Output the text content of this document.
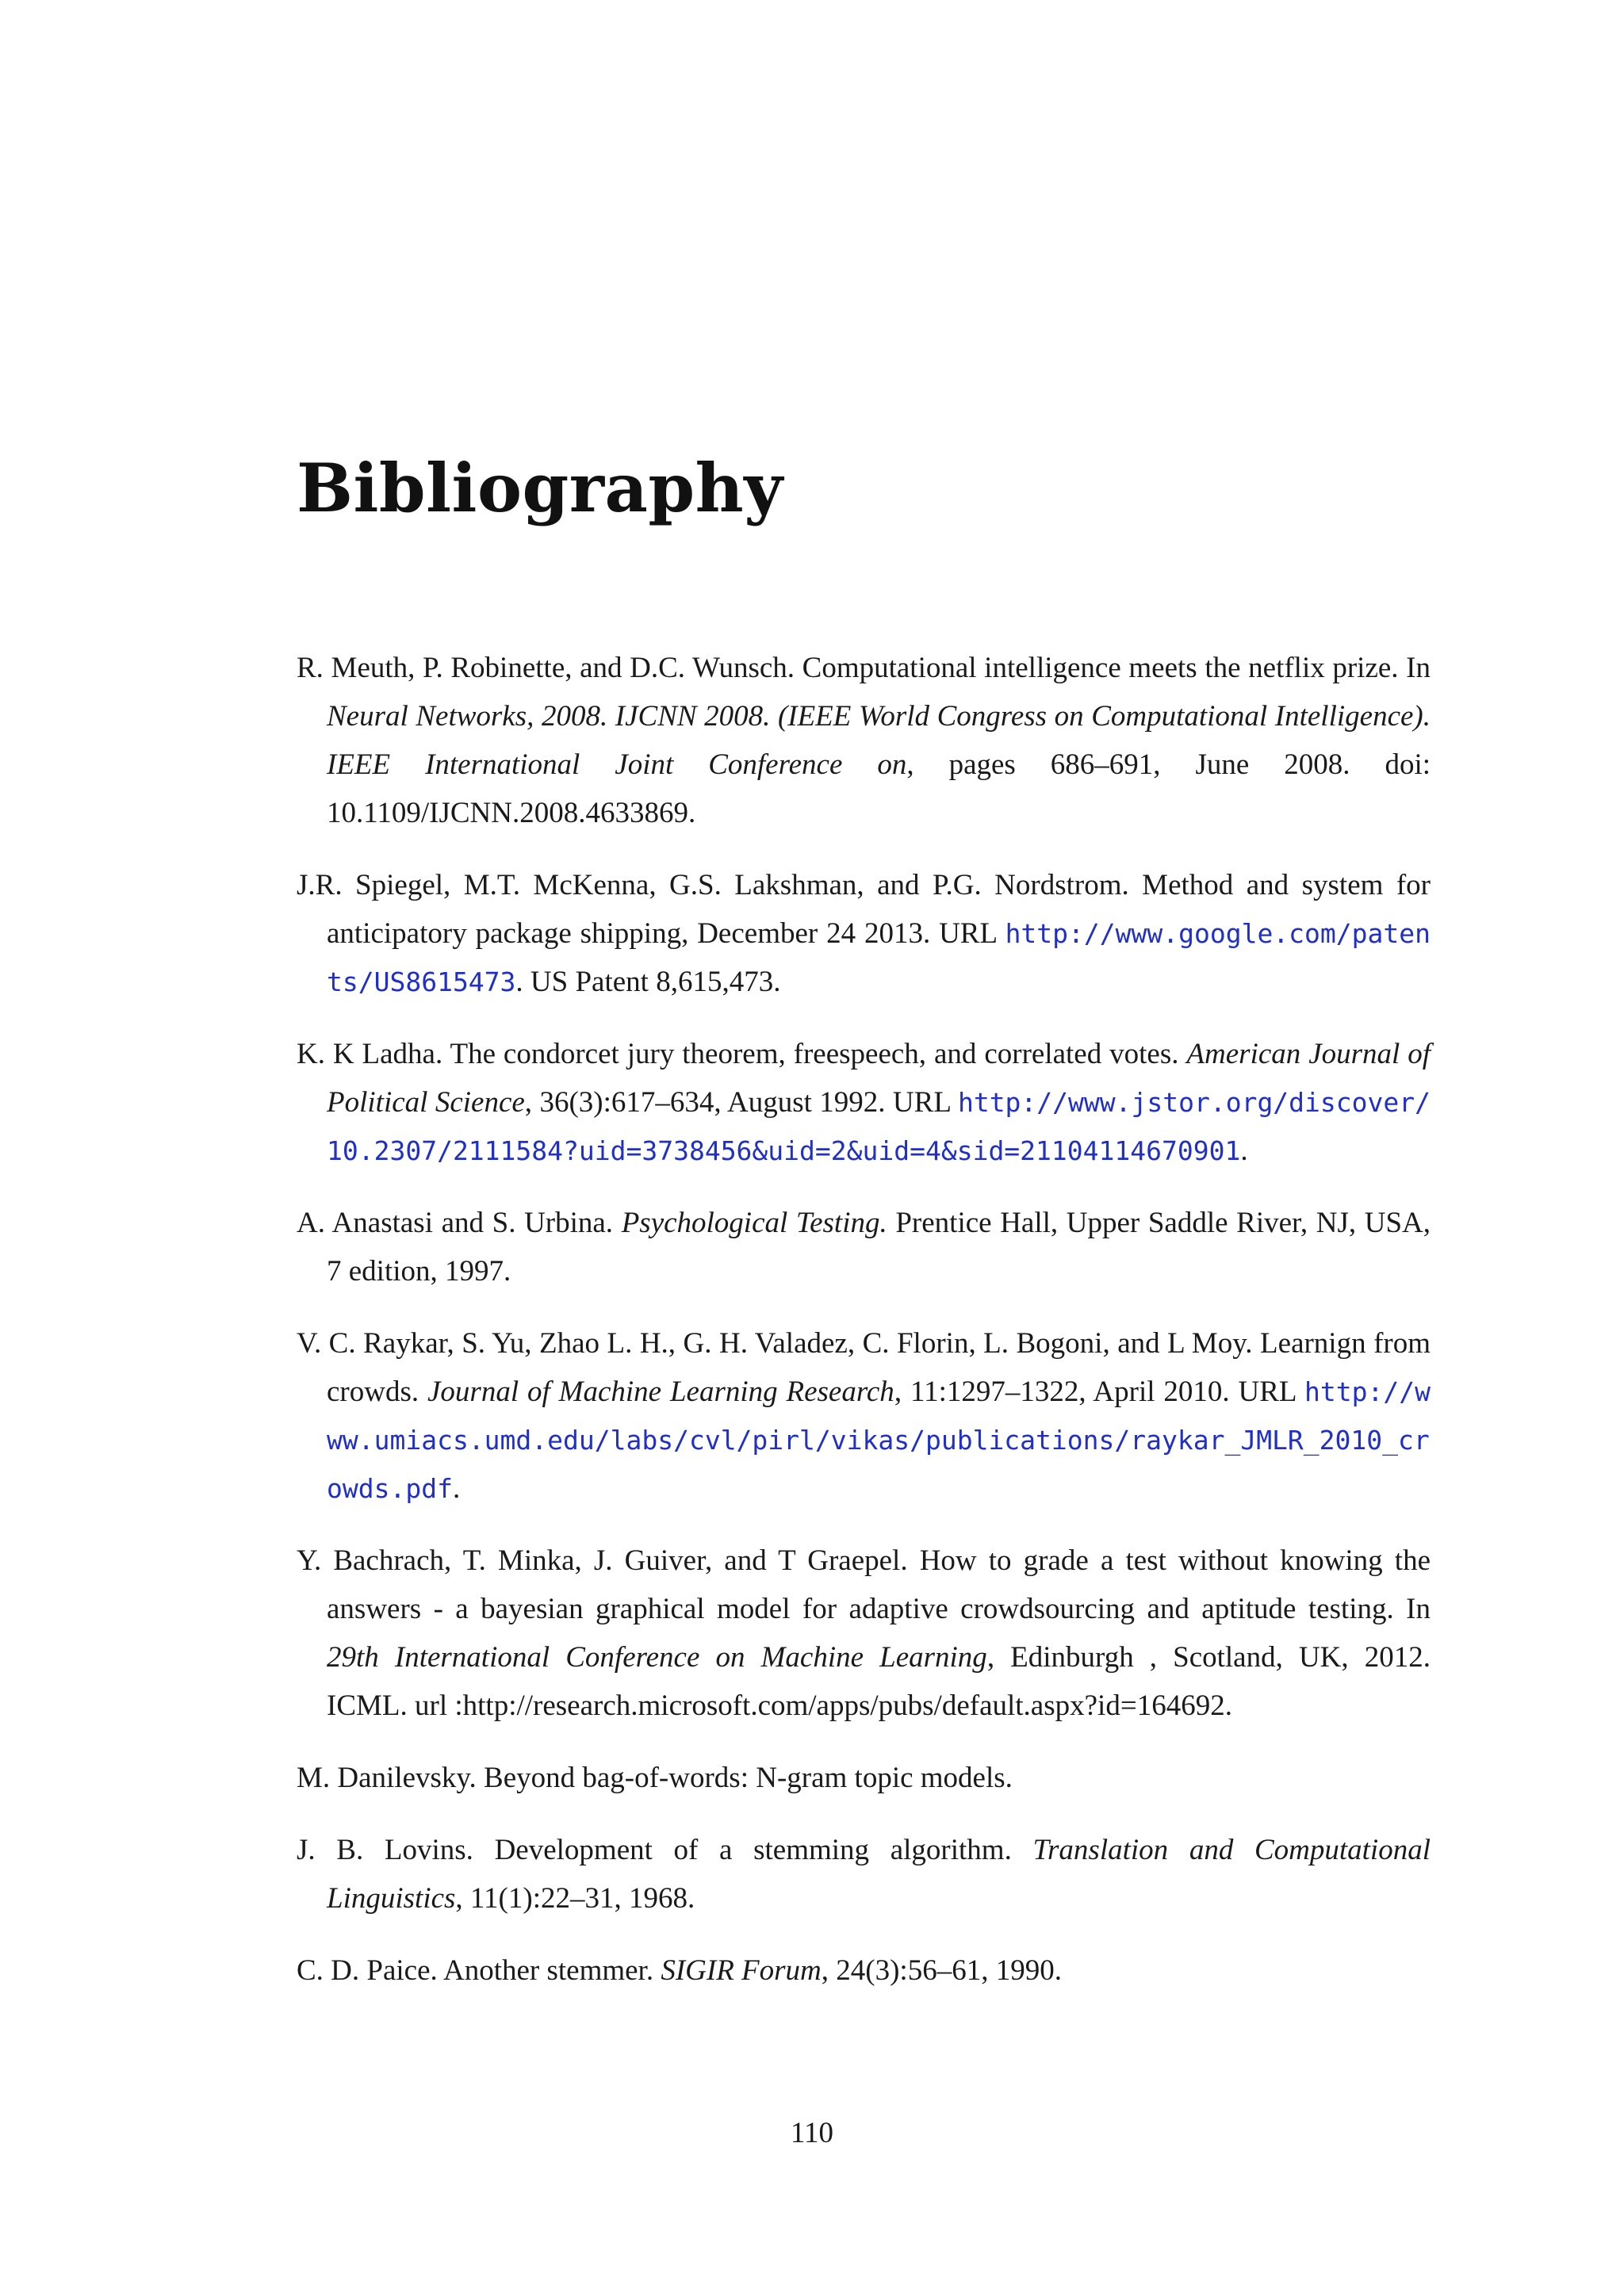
Bibliography
R. Meuth, P. Robinette, and D.C. Wunsch. Computational intelligence meets the netflix prize. In Neural Networks, 2008. IJCNN 2008. (IEEE World Congress on Computational Intelligence). IEEE International Joint Conference on, pages 686–691, June 2008. doi: 10.1109/IJCNN.2008.4633869.
J.R. Spiegel, M.T. McKenna, G.S. Lakshman, and P.G. Nordstrom. Method and system for anticipatory package shipping, December 24 2013. URL http://www.google.com/patents/US8615473. US Patent 8,615,473.
K. K Ladha. The condorcet jury theorem, freespeech, and correlated votes. American Journal of Political Science, 36(3):617–634, August 1992. URL http://www.jstor.org/discover/10.2307/2111584?uid=3738456&uid=2&uid=4&sid=21104114670901.
A. Anastasi and S. Urbina. Psychological Testing. Prentice Hall, Upper Saddle River, NJ, USA, 7 edition, 1997.
V. C. Raykar, S. Yu, Zhao L. H., G. H. Valadez, C. Florin, L. Bogoni, and L Moy. Learnign from crowds. Journal of Machine Learning Research, 11:1297–1322, April 2010. URL http://www.umiacs.umd.edu/labs/cvl/pirl/vikas/publications/raykar_JMLR_2010_crowds.pdf.
Y. Bachrach, T. Minka, J. Guiver, and T Graepel. How to grade a test without knowing the answers - a bayesian graphical model for adaptive crowdsourcing and aptitude testing. In 29th International Conference on Machine Learning, Edinburgh , Scotland, UK, 2012. ICML. url :http://research.microsoft.com/apps/pubs/default.aspx?id=164692.
M. Danilevsky. Beyond bag-of-words: N-gram topic models.
J. B. Lovins. Development of a stemming algorithm. Translation and Computational Linguistics, 11(1):22–31, 1968.
C. D. Paice. Another stemmer. SIGIR Forum, 24(3):56–61, 1990.
110
